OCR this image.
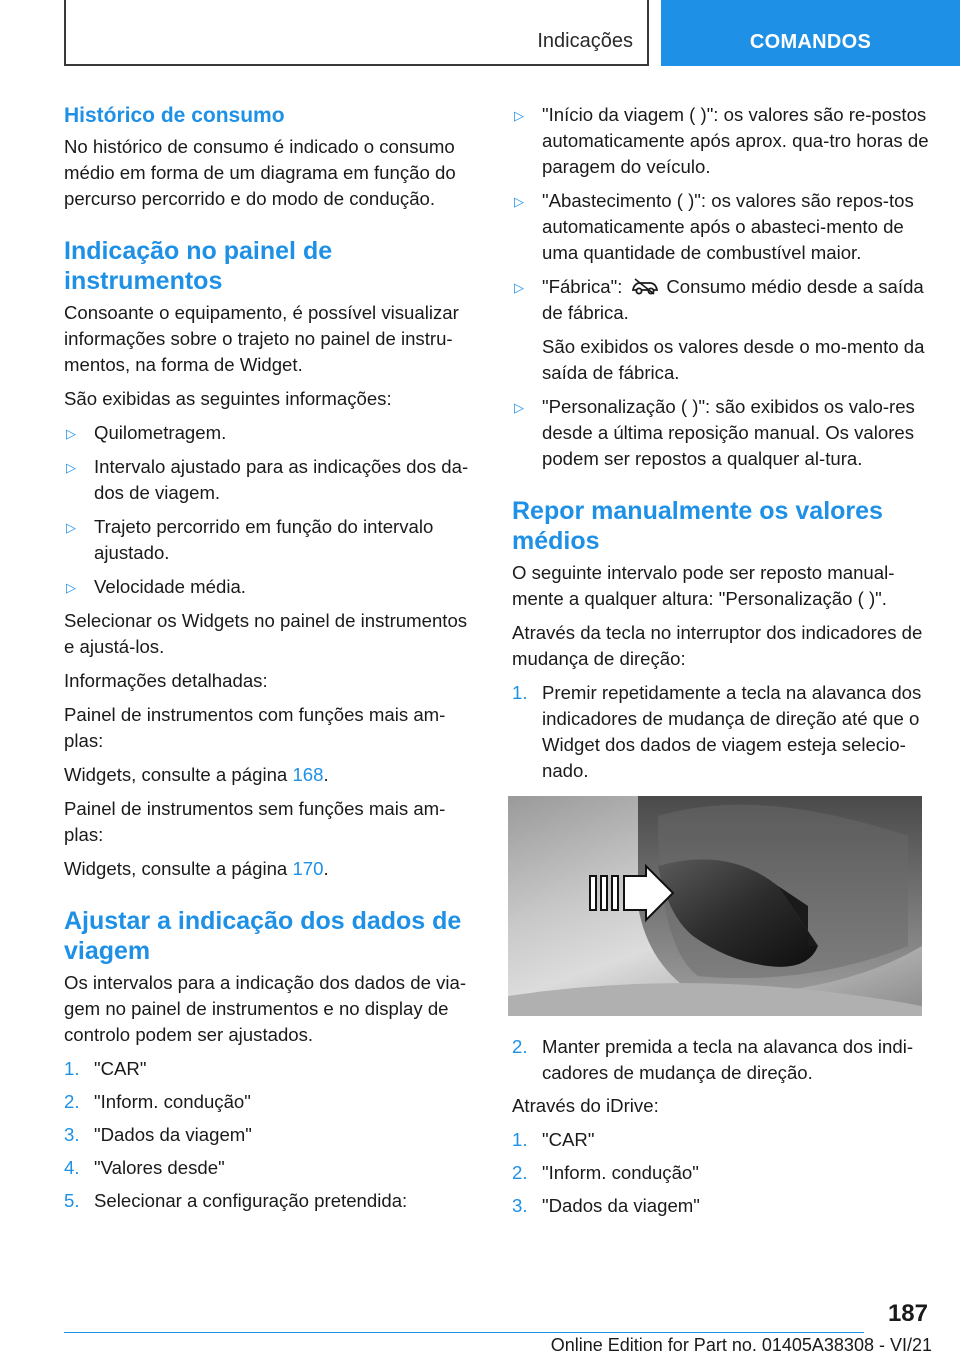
Indicações	COMANDOS
Histórico de consumo

No histórico de consumo é indicado o consumo médio em forma de um diagrama em função do percurso percorrido e do modo de condução.

Indicação no painel de instrumentos

Consoante o equipamento, é possível visualizar informações sobre o trajeto no painel de instru-mentos, na forma de Widget.

São exibidas as seguintes informações:

▷ Quilometragem.
▷ Intervalo ajustado para as indicações dos da-dos de viagem.
▷ Trajeto percorrido em função do intervalo ajustado.
▷ Velocidade média.

Selecionar os Widgets no painel de instrumentos e ajustá-los.

Informações detalhadas:

Painel de instrumentos com funções mais am-plas:

Widgets, consulte a página 168.

Painel de instrumentos sem funções mais am-plas:

Widgets, consulte a página 170.

Ajustar a indicação dos dados de viagem

Os intervalos para a indicação dos dados de via-gem no painel de instrumentos e no display de controlo podem ser ajustados.

1. "CAR"
2. "Inform. condução"
3. "Dados da viagem"
4. "Valores desde"
5. Selecionar a configuração pretendida:
▷ "Início da viagem ( )": os valores são re-postos automaticamente após aprox. qua-tro horas de paragem do veículo.
▷ "Abastecimento ( )": os valores são repos-tos automaticamente após o abasteci-mento de uma quantidade de combustível maior.
▷ "Fábrica": Consumo médio desde a saída de fábrica.

São exibidos os valores desde o mo-mento da saída de fábrica.

▷ "Personalização ( )": são exibidos os valo-res desde a última reposição manual. Os valores podem ser repostos a qualquer al-tura.
Repor manualmente os valores médios

O seguinte intervalo pode ser reposto manual-mente a qualquer altura: "Personalização ( )".

Através da tecla no interruptor dos indicadores de mudança de direção:

1. Premir repetidamente a tecla na alavanca dos indicadores de mudança de direção até que o Widget dos dados de viagem esteja selecio-nado.
2. Manter premida a tecla na alavanca dos indi-cadores de mudança de direção.

Através do iDrive:

1. "CAR"
2. "Inform. condução"
3. "Dados da viagem"
187
Online Edition for Part no. 01405A38308 - VI/21
